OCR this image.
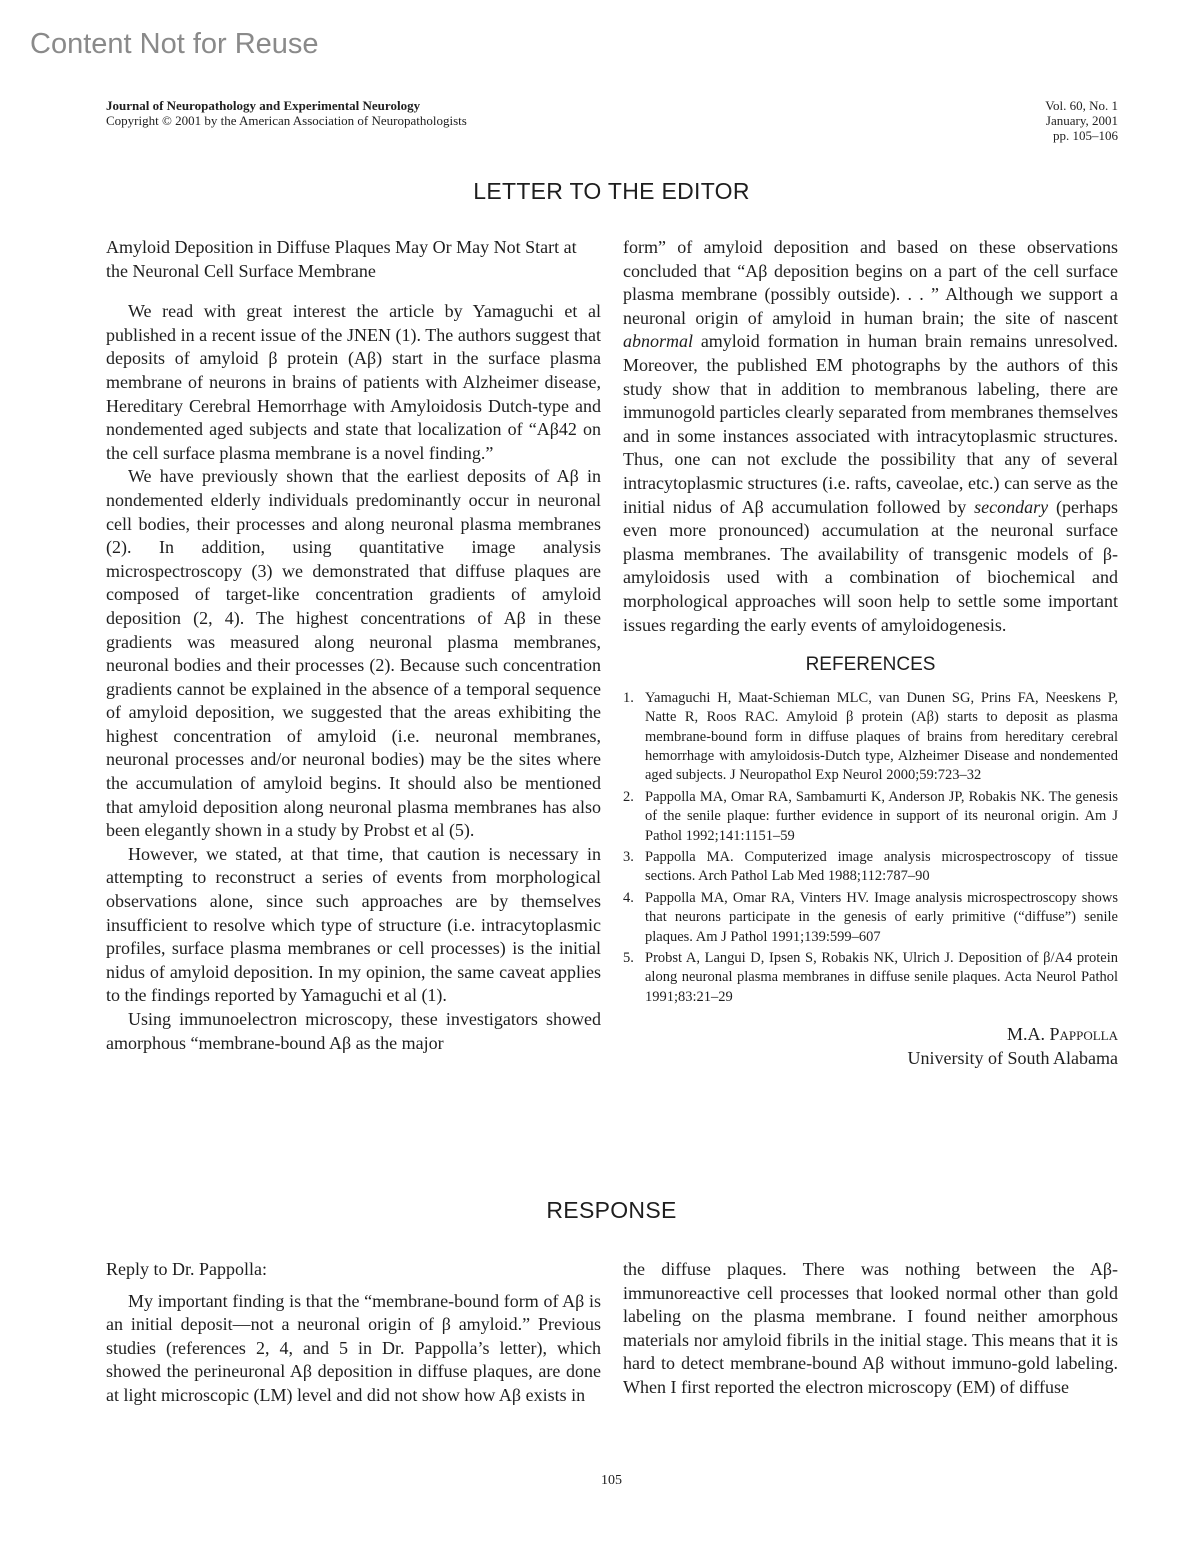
Content Not for Reuse
Journal of Neuropathology and Experimental Neurology
Copyright © 2001 by the American Association of Neuropathologists
Vol. 60, No. 1
January, 2001
pp. 105–106
LETTER TO THE EDITOR

Amyloid Deposition in Diffuse Plaques May Or May Not Start at the Neuronal Cell Surface Membrane

We read with great interest the article by Yamaguchi et al published in a recent issue of the JNEN (1). The authors suggest that deposits of amyloid β protein (Aβ) start in the surface plasma membrane of neurons in brains of patients with Alzheimer disease, Hereditary Cerebral Hemorrhage with Amyloidosis Dutch-type and nondemented aged subjects and state that localization of “Aβ42 on the cell surface plasma membrane is a novel finding.”

We have previously shown that the earliest deposits of Aβ in nondemented elderly individuals predominantly occur in neuronal cell bodies, their processes and along neuronal plasma membranes (2). In addition, using quantitative image analysis microspectroscopy (3) we demonstrated that diffuse plaques are composed of target-like concentration gradients of amyloid deposition (2, 4). The highest concentrations of Aβ in these gradients was measured along neuronal plasma membranes, neuronal bodies and their processes (2). Because such concentration gradients cannot be explained in the absence of a temporal sequence of amyloid deposition, we suggested that the areas exhibiting the highest concentration of amyloid (i.e. neuronal membranes, neuronal processes and/or neuronal bodies) may be the sites where the accumulation of amyloid begins. It should also be mentioned that amyloid deposition along neuronal plasma membranes has also been elegantly shown in a study by Probst et al (5).

However, we stated, at that time, that caution is necessary in attempting to reconstruct a series of events from morphological observations alone, since such approaches are by themselves insufficient to resolve which type of structure (i.e. intracytoplasmic profiles, surface plasma membranes or cell processes) is the initial nidus of amyloid deposition. In my opinion, the same caveat applies to the findings reported by Yamaguchi et al (1).

Using immunoelectron microscopy, these investigators showed amorphous “membrane-bound Aβ as the major

form” of amyloid deposition and based on these observations concluded that “Aβ deposition begins on a part of the cell surface plasma membrane (possibly outside). . . ” Although we support a neuronal origin of amyloid in human brain; the site of nascent abnormal amyloid formation in human brain remains unresolved. Moreover, the published EM photographs by the authors of this study show that in addition to membranous labeling, there are immunogold particles clearly separated from membranes themselves and in some instances associated with intracytoplasmic structures. Thus, one can not exclude the possibility that any of several intracytoplasmic structures (i.e. rafts, caveolae, etc.) can serve as the initial nidus of Aβ accumulation followed by secondary (perhaps even more pronounced) accumulation at the neuronal surface plasma membranes. The availability of transgenic models of β-amyloidosis used with a combination of biochemical and morphological approaches will soon help to settle some important issues regarding the early events of amyloidogenesis.

REFERENCES
1. Yamaguchi H, Maat-Schieman MLC, van Dunen SG, Prins FA, Neeskens P, Natte R, Roos RAC. Amyloid β protein (Aβ) starts to deposit as plasma membrane-bound form in diffuse plaques of brains from hereditary cerebral hemorrhage with amyloidosis-Dutch type, Alzheimer Disease and nondemented aged subjects. J Neuropathol Exp Neurol 2000;59:723–32
2. Pappolla MA, Omar RA, Sambamurti K, Anderson JP, Robakis NK. The genesis of the senile plaque: further evidence in support of its neuronal origin. Am J Pathol 1992;141:1151–59
3. Pappolla MA. Computerized image analysis microspectroscopy of tissue sections. Arch Pathol Lab Med 1988;112:787–90
4. Pappolla MA, Omar RA, Vinters HV. Image analysis microspectroscopy shows that neurons participate in the genesis of early primitive (“diffuse”) senile plaques. Am J Pathol 1991;139:599–607
5. Probst A, Langui D, Ipsen S, Robakis NK, Ulrich J. Deposition of β/A4 protein along neuronal plasma membranes in diffuse senile plaques. Acta Neurol Pathol 1991;83:21–29
M.A. Pappolla
University of South Alabama
RESPONSE

Reply to Dr. Pappolla:

My important finding is that the “membrane-bound form of Aβ is an initial deposit—not a neuronal origin of β amyloid.” Previous studies (references 2, 4, and 5 in Dr. Pappolla’s letter), which showed the perineuronal Aβ deposition in diffuse plaques, are done at light microscopic (LM) level and did not show how Aβ exists in

the diffuse plaques. There was nothing between the Aβ-immunoreactive cell processes that looked normal other than gold labeling on the plasma membrane. I found neither amorphous materials nor amyloid fibrils in the initial stage. This means that it is hard to detect membrane-bound Aβ without immuno-gold labeling. When I first reported the electron microscopy (EM) of diffuse

105
